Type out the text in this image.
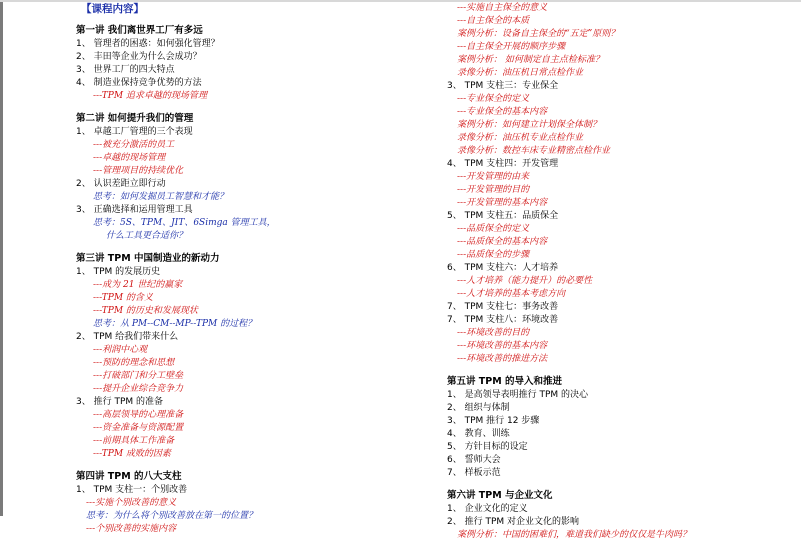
【课程内容】
第一讲 我们离世界工厂有多远
1、 管理者的困惑：如何强化管理？
2、 丰田等企业为什么会成功？
3、 世界工厂的四大特点
4、 制造业保持竞争优势的方法
---TPM 追求卓越的现场管理
第二讲 如何提升我们的管理
1、 卓越工厂管理的三个表现
---被充分激活的员工
---卓越的现场管理
---管理项目的持续优化
2、 认识差距立即行动
思考：如何发掘员工智慧和才能？
3、 正确选择和运用管理工具
思考：5S、TPM、JIT、6Simga 管理工具，
什么工具更合适你？
第三讲 TPM 中国制造业的新动力
1、 TPM 的发展历史
---成为 21 世纪的赢家
---TPM 的含义
---TPM 的历史和发展现状
思考：从 PM--CM--MP--TPM 的过程？
2、 TPM 给我们带来什么
---利润中心观
---预防的理念和思想
---打破部门和分工壁垒
---提升企业综合竞争力
3、 推行 TPM 的准备
---高层领导的心理准备
---资金准备与资源配置
---前期具体工作准备
---TPM 成败的因素
第四讲 TPM 的八大支柱
1、 TPM 支柱一：个别改善
---实施个别改善的意义
思考：为什么将个别改善放在第一的位置？
---个别改善的实施内容
---实施自主保全的意义
---自主保全的本质
案例分析：设备自主保全的“五定”原则？
---自主保全开展的顺序步骤
案例分析： 如何制定自主点检标准？
录像分析：油压机日常点检作业
3、 TPM 支柱三：专业保全
---专业保全的定义
---专业保全的基本内容
案例分析：如何建立计划保全体制？
录像分析：油压机专业点检作业
录像分析：数控车床专业精密点检作业
4、 TPM 支柱四：开发管理
---开发管理的由来
---开发管理的目的
---开发管理的基本内容
5、 TPM 支柱五：品质保全
---品质保全的定义
---品质保全的基本内容
---品质保全的步骤
6、 TPM 支柱六：人才培养
---人才培养（能力提升）的必要性
---人才培养的基本考虑方向
7、 TPM 支柱七：事务改善
7、 TPM 支柱八：环境改善
---环境改善的目的
---环境改善的基本内容
---环境改善的推进方法
第五讲 TPM 的导入和推进
1、 是高领导表明推行 TPM 的决心
2、 组织与体制
3、 TPM 推行 12 步骤
4、 教育、训练
5、 方针目标的设定
6、 誓师大会
7、 样板示范
第六讲 TPM 与企业文化
1、 企业文化的定义
2、 推行 TPM 对企业文化的影响
案例分析：中国的困难们，难道我们缺少的仅仅是牛肉吗？
